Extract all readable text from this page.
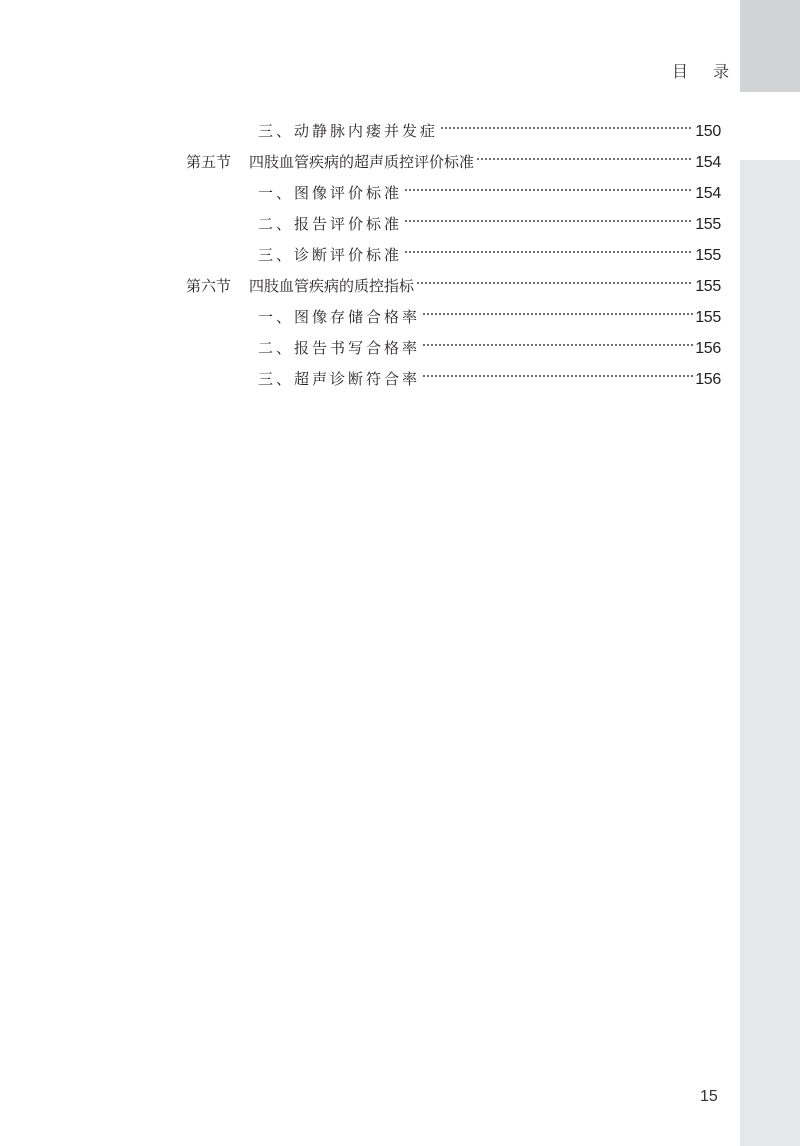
目 录
三、动静脉内瘘并发症	150
第五节 四肢血管疾病的超声质控评价标准	154
一、图像评价标准	154
二、报告评价标准	155
三、诊断评价标准	155
第六节 四肢血管疾病的质控指标	155
一、图像存储合格率	155
二、报告书写合格率	156
三、超声诊断符合率	156
15
